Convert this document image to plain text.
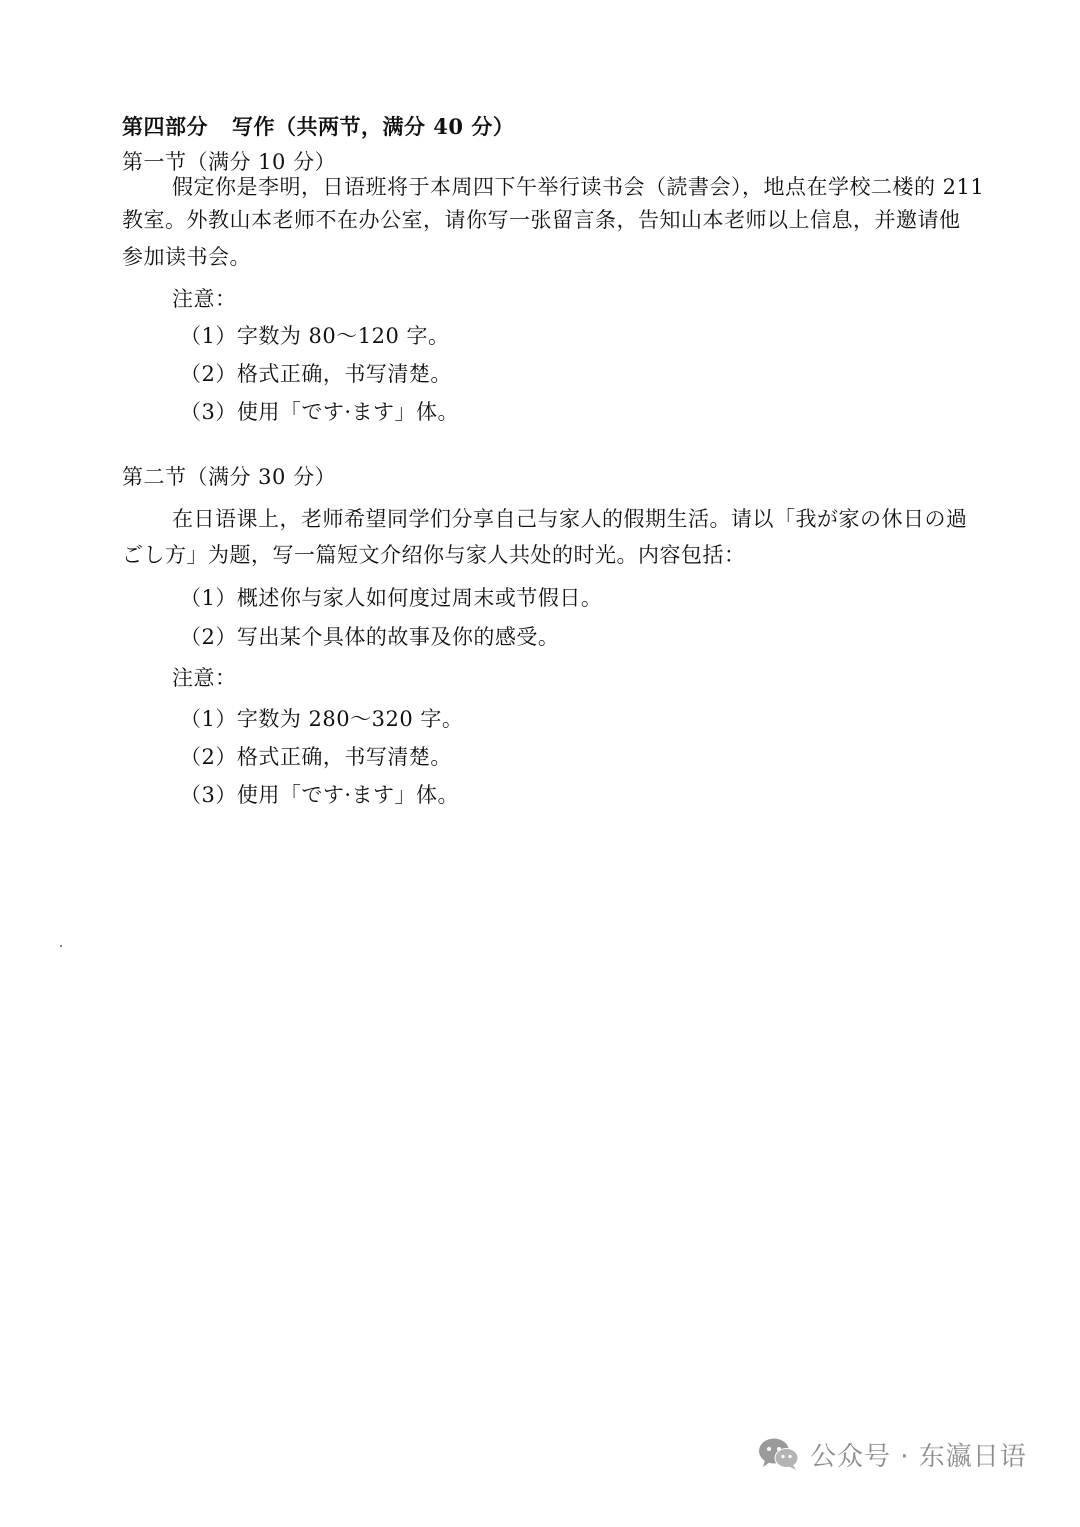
第四部分 写作（共两节，满分 40 分）
第一节（满分 10 分）
假定你是李明，日语班将于本周四下午举行读书会（読書会），地点在学校二楼的 211
教室。外教山本老师不在办公室，请你写一张留言条，告知山本老师以上信息，并邀请他
参加读书会。
注意：
（1）字数为 80～120 字。
（2）格式正确，书写清楚。
（3）使用「です·ます」体。
第二节（满分 30 分）
在日语课上，老师希望同学们分享自己与家人的假期生活。请以「我が家の休日の過
ごし方」为题，写一篇短文介绍你与家人共处的时光。内容包括：
（1）概述你与家人如何度过周末或节假日。
（2）写出某个具体的故事及你的感受。
注意：
（1）字数为 280～320 字。
（2）格式正确，书写清楚。
（3）使用「です·ます」体。
公众号 · 东瀛日语
